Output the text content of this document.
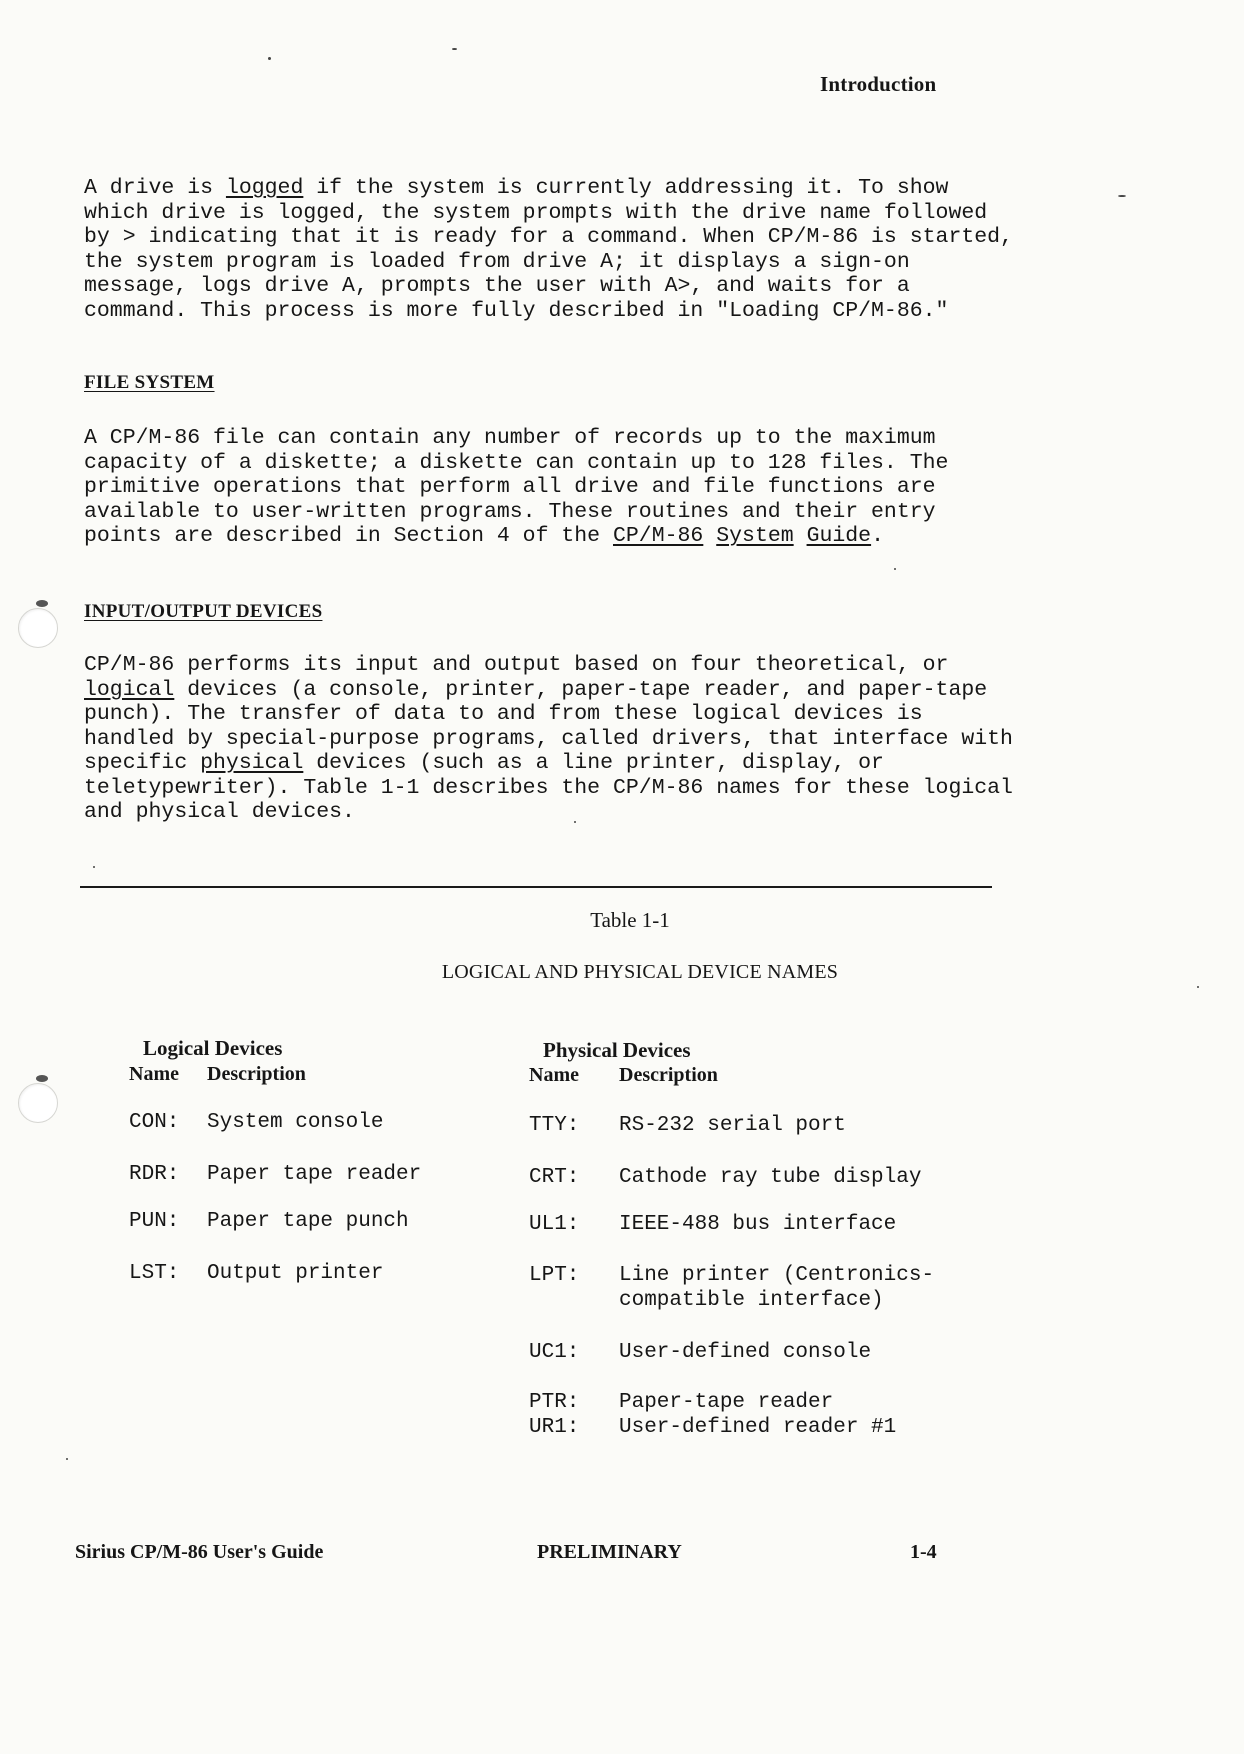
Introduction

A drive is logged if the system is currently addressing it. To show which drive is logged, the system prompts with the drive name followed by > indicating that it is ready for a command. When CP/M-86 is started, the system program is loaded from drive A; it displays a sign-on message, logs drive A, prompts the user with A>, and waits for a command. This process is more fully described in "Loading CP/M-86."

FILE SYSTEM

A CP/M-86 file can contain any number of records up to the maximum capacity of a diskette; a diskette can contain up to 128 files. The primitive operations that perform all drive and file functions are available to user-written programs. These routines and their entry points are described in Section 4 of the CP/M-86 System Guide.

INPUT/OUTPUT DEVICES

CP/M-86 performs its input and output based on four theoretical, or logical devices (a console, printer, paper-tape reader, and paper-tape punch). The transfer of data to and from these logical devices is handled by special-purpose programs, called drivers, that interface with specific physical devices (such as a line printer, display, or teletypewriter). Table 1-1 describes the CP/M-86 names for these logical and physical devices.

Table 1-1
LOGICAL AND PHYSICAL DEVICE NAMES
Logical Devices
Name Description
CON: System console
RDR: Paper tape reader
PUN: Paper tape punch
LST: Output printer
Physical Devices
Name Description
TTY: RS-232 serial port
CRT: Cathode ray tube display
UL1: IEEE-488 bus interface
LPT: Line printer (Centronics-
compatible interface)
UC1: User-defined console
PTR: Paper-tape reader
UR1: User-defined reader #1
Sirius CP/M-86 User's Guide	PRELIMINARY	1-4
